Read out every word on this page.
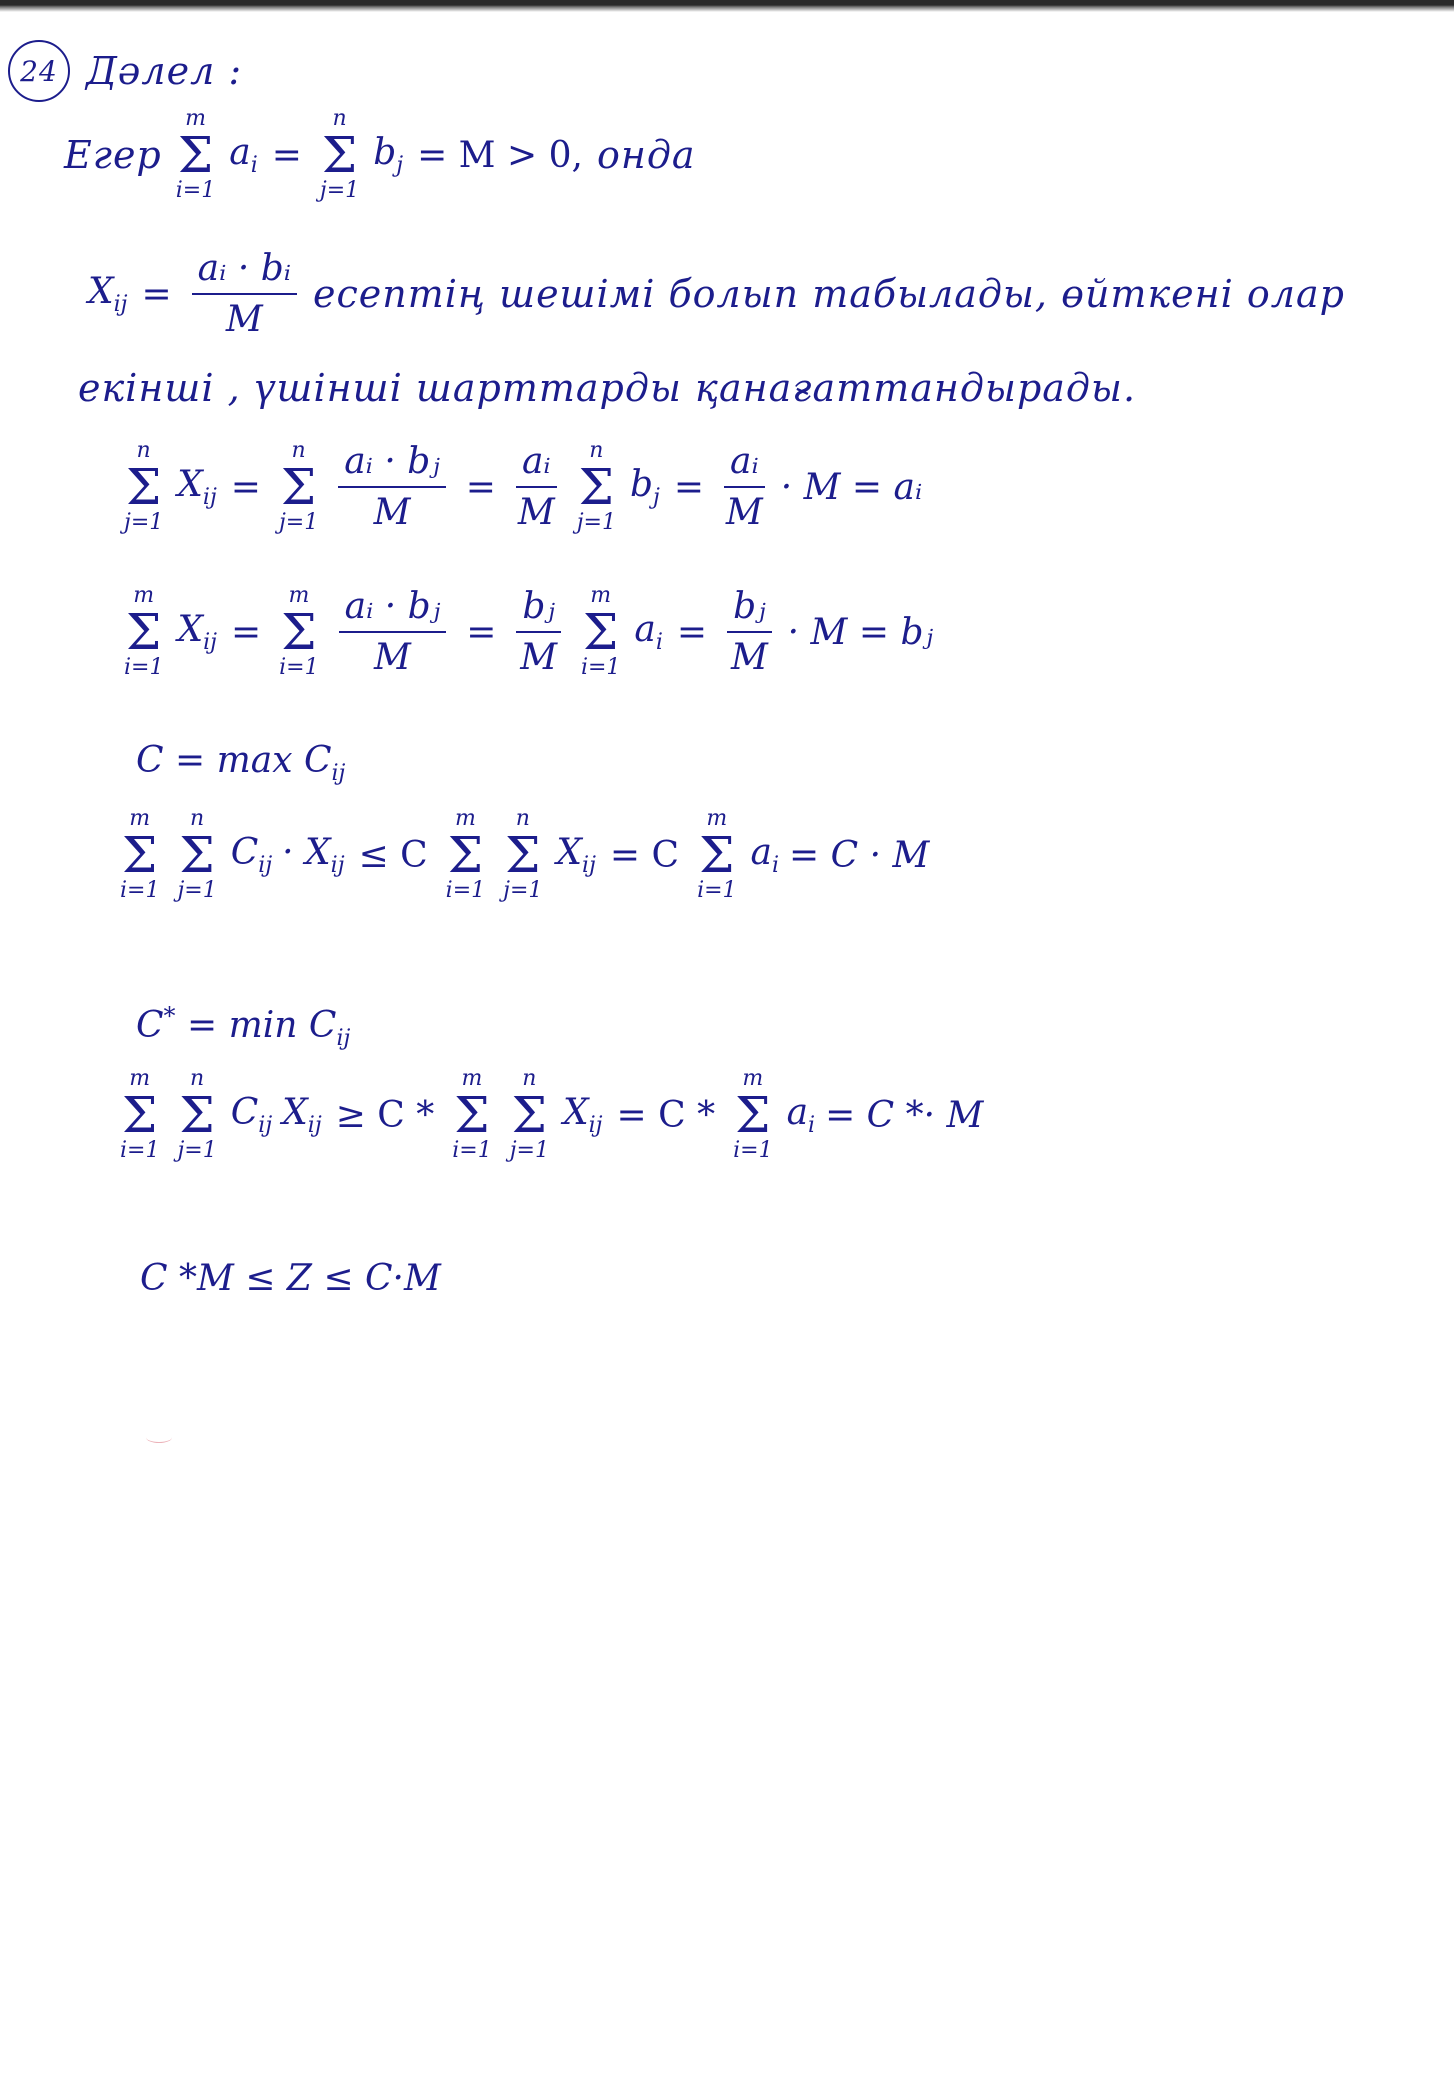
24 Дәлел :
Егер
m
Σ
i=1
$a_i$ =
n
Σ
j=1
$b_j = M > 0$, онда
$X_{ij} = \frac{\text{aᵢ · bᵢ}}{M}$ есептің шешімі болып табылады, өйткені олар
екінші , үшінші шарттарды қанағаттандырады.
n
Σ
j=1
$X_{ij}$ =
n
Σ
$j=1 \frac{\text{aᵢ · bⱼ}}{M} = \frac{\text{aᵢ}}{M}$ n
Σ
j=1
$b_j = \frac{\text{aᵢ}}{M} \cdot M$ = aᵢ
m
Σ
i=1
$X_{ij}$ =
m
Σ
$i=1 \frac{\text{aᵢ · bⱼ}}{M} = \frac{\text{bⱼ}}{M}$ m
Σ
i=1
$a_i = \frac{\text{bⱼ}}{M} \cdot M$ = bⱼ
$C = \max C_{ij}$
m
Σ
i=1
n
Σ
j=1
$C_{ij} \cdot X_{ij} \le C$
m
Σ
i=1
n
Σ
j=1
$X_{ij} = C$
m
Σ
i=1
$a_i = C \cdot M$
$C^* = \min C_{ij}$
m
Σ
i=1
n
Σ
j=1
$C_{ij}$ $X_{ij} \ge C$ *
m
Σ
i=1
n
Σ
j=1
$X_{ij} = C$ *
m
Σ
i=1
$a_i = C *\cdot M$
C *M ≤ Z ≤ C·M
